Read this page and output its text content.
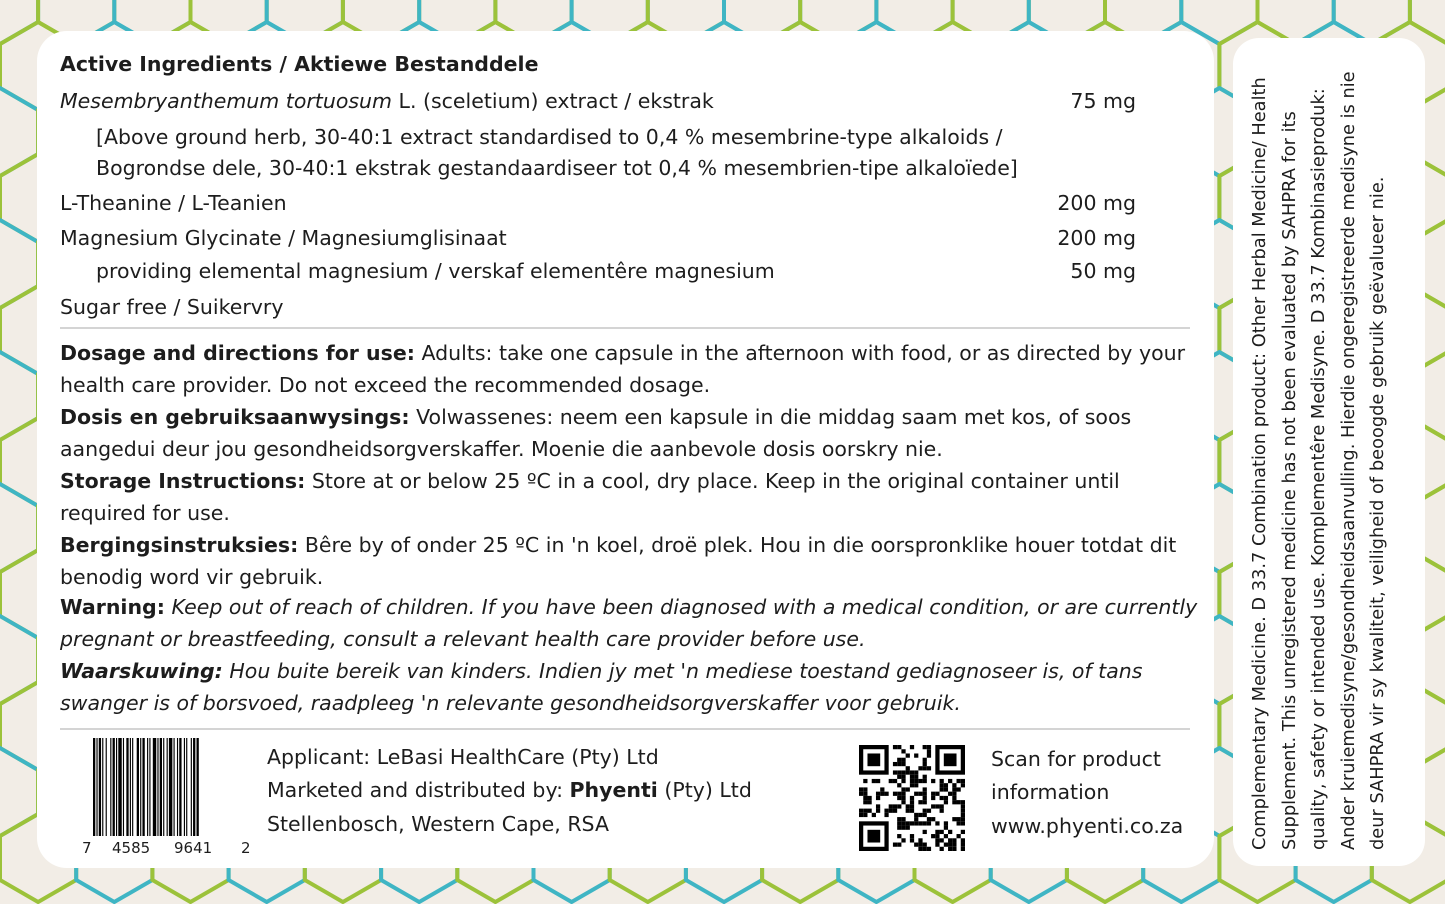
Complementary Medicine. D 33.7 Combination product: Other Herbal Medicine/ Health Supplement. This unregistered medicine has not been evaluated by SAHPRA for its quality, safety or intended use. Komplementêre Medisyne. D 33.7 Kombinasieproduk: Ander kruiemedisyne/gesondheidsaanvulling. Hierdie ongeregistreerde medisyne is nie deur SAHPRA vir sy kwaliteit, veiligheid of beoogde gebruik geëvalueer nie.
Active Ingredients / Aktiewe Bestanddele
Mesembryanthemum tortuosum L. (sceletium) extract / ekstrak	75 mg
[Above ground herb, 30-40:1 extract standardised to 0,4 % mesembrine-type alkaloids /
Bogrondse dele, 30-40:1 ekstrak gestandaardiseer tot 0,4 % mesembrien-tipe alkaloïede]
L-Theanine / L-Teanien	200 mg
Magnesium Glycinate / Magnesiumglisinaat	200 mg
providing elemental magnesium / verskaf elementêre magnesium	50 mg
Sugar free / Suikervry
Dosage and directions for use: Adults: take one capsule in the afternoon with food, or as directed by your health care provider. Do not exceed the recommended dosage.
Dosis en gebruiksaanwysings: Volwassenes: neem een kapsule in die middag saam met kos, of soos aangedui deur jou gesondheidsorgverskaffer. Moenie die aanbevole dosis oorskry nie.
Storage Instructions: Store at or below 25 ºC in a cool, dry place. Keep in the original container until required for use.
Bergingsinstruksies: Bêre by of onder 25 ºC in 'n koel, droë plek. Hou in die oorspronklike houer totdat dit benodig word vir gebruik.
Warning: Keep out of reach of children. If you have been diagnosed with a medical condition, or are currently pregnant or breastfeeding, consult a relevant health care provider before use.
Waarskuwing: Hou buite bereik van kinders. Indien jy met 'n mediese toestand gediagnoseer is, of tans swanger is of borsvoed, raadpleeg 'n relevante gesondheidsorgverskaffer voor gebruik.
7 4585 9641 2
Applicant: LeBasi HealthCare (Pty) Ltd
Marketed and distributed by: Phyenti (Pty) Ltd
Stellenbosch, Western Cape, RSA
Scan for product
information
www.phyenti.co.za
